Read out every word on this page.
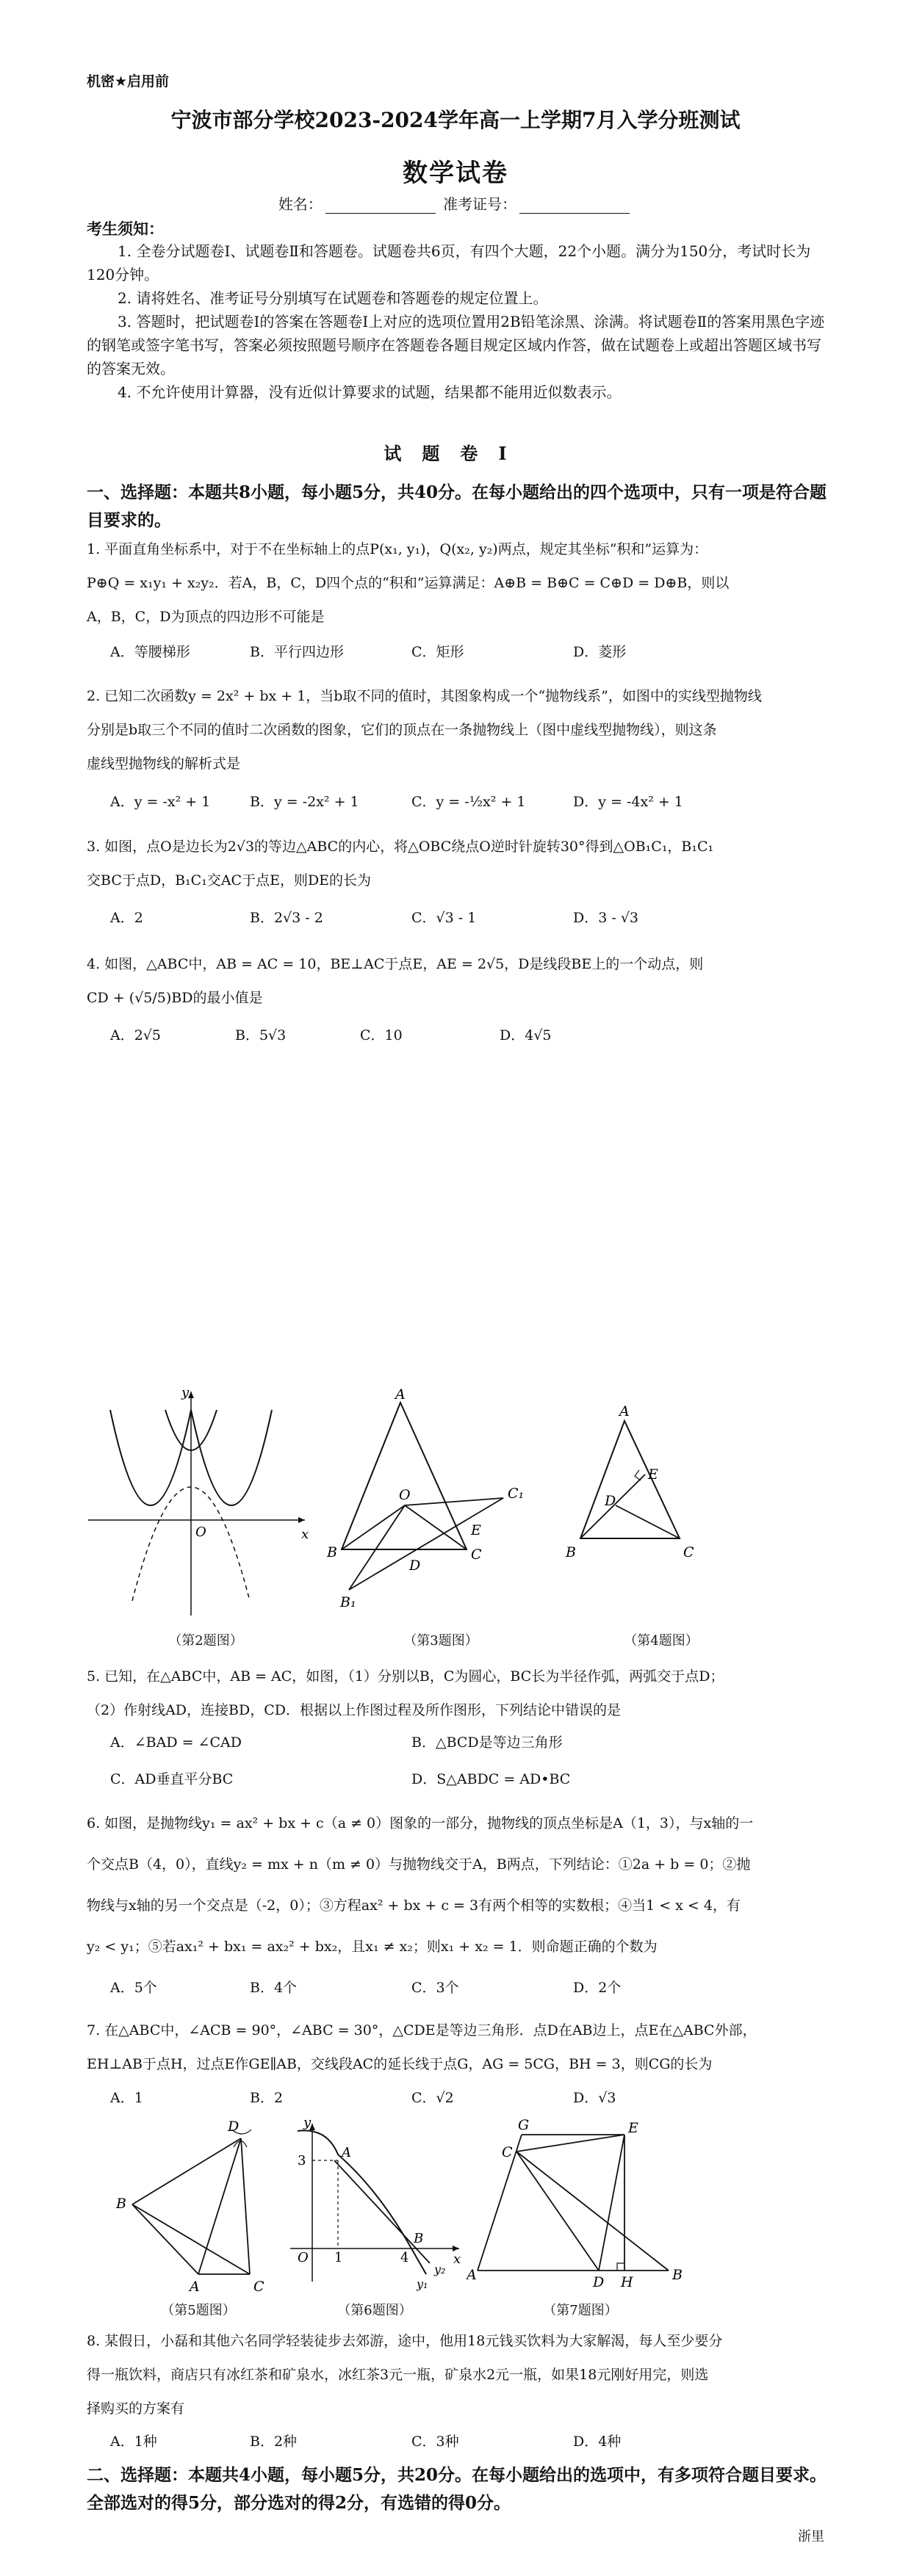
机密★启用前
宁波市部分学校2023-2024学年高一上学期7月入学分班测试
数学试卷
姓名：	准考证号：
考生须知：

1. 全卷分试题卷Ⅰ、试题卷Ⅱ和答题卷。试题卷共6页，有四个大题，22个小题。满分为150分，考试时长为120分钟。

2. 请将姓名、准考证号分别填写在试题卷和答题卷的规定位置上。

3. 答题时，把试题卷Ⅰ的答案在答题卷Ⅰ上对应的选项位置用2B铅笔涂黑、涂满。将试题卷Ⅱ的答案用黑色字迹的钢笔或签字笔书写，答案必须按照题号顺序在答题卷各题目规定区域内作答，做在试题卷上或超出答题区域书写的答案无效。

4. 不允许使用计算器，没有近似计算要求的试题，结果都不能用近似数表示。

试题卷Ⅰ
一、选择题：本题共8小题，每小题5分，共40分。在每小题给出的四个选项中，只有一项是符合题目要求的。

1. 平面直角坐标系中，对于不在坐标轴上的点P(x₁, y₁)，Q(x₂, y₂)两点，规定其坐标“积和”运算为：

P⊕Q = x₁y₁ + x₂y₂．若A，B，C，D四个点的“积和”运算满足：A⊕B = B⊕C = C⊕D = D⊕B，则以

A，B，C，D为顶点的四边形不可能是

A．等腰梯形	B．平行四边形	C．矩形	D．菱形

2. 已知二次函数y = 2x² + bx + 1，当b取不同的值时，其图象构成一个“抛物线系”，如图中的实线型抛物线

分别是b取三个不同的值时二次函数的图象，它们的顶点在一条抛物线上（图中虚线型抛物线），则这条

虚线型抛物线的解析式是

A．y = -x² + 1	B．y = -2x² + 1	C．y = -½x² + 1	D．y = -4x² + 1

3. 如图，点O是边长为2√3的等边△ABC的内心，将△OBC绕点O逆时针旋转30°得到△OB₁C₁，B₁C₁

交BC于点D，B₁C₁交AC于点E，则DE的长为

A．2	B．2√3 - 2	C．√3 - 1	D．3 - √3

4. 如图，△ABC中，AB = AC = 10，BE⊥AC于点E，AE = 2√5，D是线段BE上的一个动点，则

CD + (√5/5)BD的最小值是

A．2√5	B．5√3	C．10	D．4√5
y
x
O
A
O
B	C
C₁
B₁
D
E
A
D
E
B	C
（第2题图）	（第3题图）	（第4题图）

5. 已知，在△ABC中，AB = AC，如图，（1）分别以B，C为圆心，BC长为半径作弧，两弧交于点D；

（2）作射线AD，连接BD，CD．根据以上作图过程及所作图形，下列结论中错误的是

A．∠BAD = ∠CAD	B．△BCD是等边三角形
C．AD垂直平分BC	D．S△ABDC = AD•BC

6. 如图，是抛物线y₁ = ax² + bx + c（a ≠ 0）图象的一部分，抛物线的顶点坐标是A（1，3），与x轴的一

个交点B（4，0），直线y₂ = mx + n（m ≠ 0）与抛物线交于A，B两点，下列结论：①2a + b = 0；②抛

物线与x轴的另一个交点是（-2，0）；③方程ax² + bx + c = 3有两个相等的实数根；④当1 < x < 4，有

y₂ < y₁；⑤若ax₁² + bx₁ = ax₂² + bx₂，且x₁ ≠ x₂；则x₁ + x₂ = 1．则命题正确的个数为

A．5个	B．4个	C．3个	D．2个

7. 在△ABC中，∠ACB = 90°，∠ABC = 30°，△CDE是等边三角形．点D在AB边上，点E在△ABC外部，

EH⊥AB于点H，过点E作GE∥AB，交线段AC的延长线于点G，AG = 5CG，BH = 3，则CG的长为

A．1	B．2	C．√2	D．√3
D
B
A	C
y
A
3
O 1	4
B
x
y₁
y₂
G	E
C
A	D H	B
（第5题图）	（第6题图）	（第7题图）

8. 某假日，小磊和其他六名同学轻装徒步去郊游，途中，他用18元钱买饮料为大家解渴，每人至少要分

得一瓶饮料，商店只有冰红茶和矿泉水，冰红茶3元一瓶，矿泉水2元一瓶，如果18元刚好用完，则选

择购买的方案有

A．1种	B．2种	C．3种	D．4种
二、选择题：本题共4小题，每小题5分，共20分。在每小题给出的选项中，有多项符合题目要求。全部选对的得5分，部分选对的得2分，有选错的得0分。
浙里
